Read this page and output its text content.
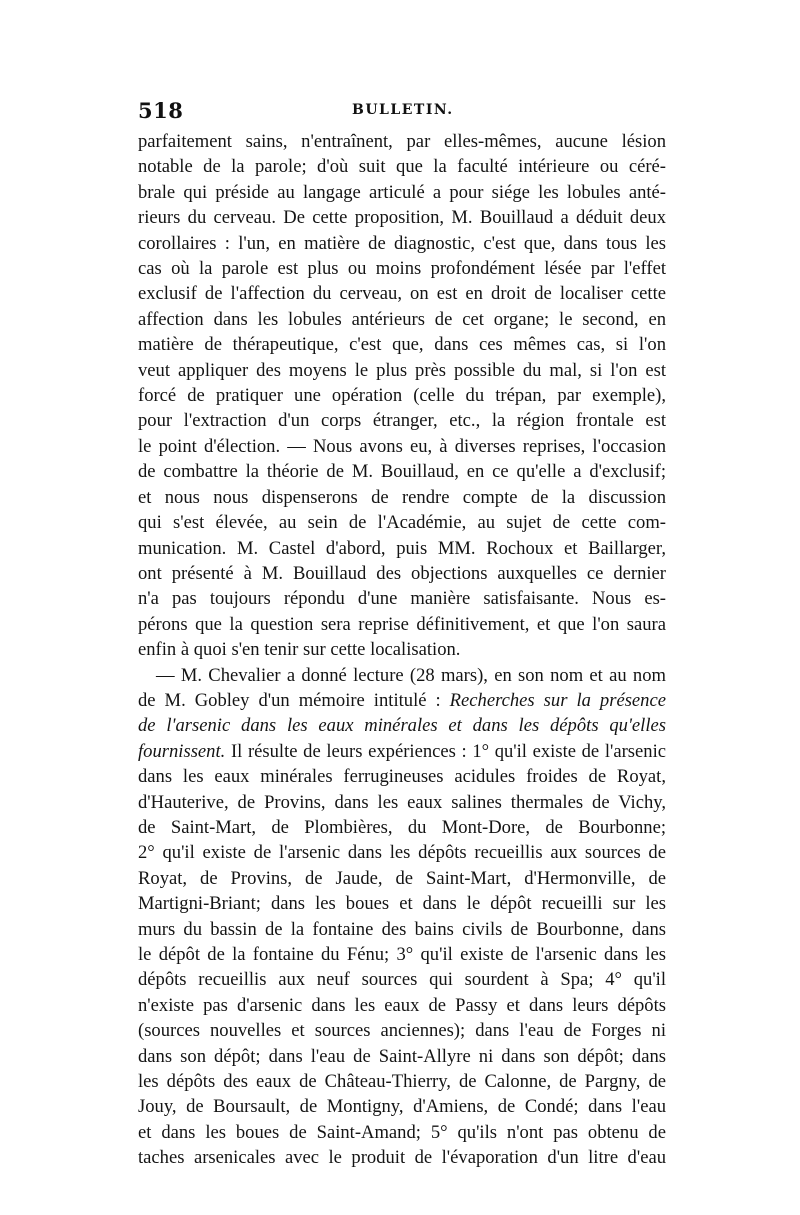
518	BULLETIN.

parfaitement sains, n'entraînent, par elles-mêmes, aucune lésion

notable de la parole; d'où suit que la faculté intérieure ou céré-

brale qui préside au langage articulé a pour siége les lobules anté-

rieurs du cerveau. De cette proposition, M. Bouillaud a déduit deux

corollaires : l'un, en matière de diagnostic, c'est que, dans tous les

cas où la parole est plus ou moins profondément lésée par l'effet

exclusif de l'affection du cerveau, on est en droit de localiser cette

affection dans les lobules antérieurs de cet organe; le second, en

matière de thérapeutique, c'est que, dans ces mêmes cas, si l'on

veut appliquer des moyens le plus près possible du mal, si l'on est

forcé de pratiquer une opération (celle du trépan, par exemple),

pour l'extraction d'un corps étranger, etc., la région frontale est

le point d'élection. — Nous avons eu, à diverses reprises, l'occasion

de combattre la théorie de M. Bouillaud, en ce qu'elle a d'exclusif;

et nous nous dispenserons de rendre compte de la discussion

qui s'est élevée, au sein de l'Académie, au sujet de cette com-

munication. M. Castel d'abord, puis MM. Rochoux et Baillarger,

ont présenté à M. Bouillaud des objections auxquelles ce dernier

n'a pas toujours répondu d'une manière satisfaisante. Nous es-

pérons que la question sera reprise définitivement, et que l'on saura

enfin à quoi s'en tenir sur cette localisation.

— M. Chevalier a donné lecture (28 mars), en son nom et au nom

de M. Gobley d'un mémoire intitulé : Recherches sur la présence

de l'arsenic dans les eaux minérales et dans les dépôts qu'elles

fournissent. Il résulte de leurs expériences : 1° qu'il existe de l'arsenic

dans les eaux minérales ferrugineuses acidules froides de Royat,

d'Hauterive, de Provins, dans les eaux salines thermales de Vichy,

de Saint-Mart, de Plombières, du Mont-Dore, de Bourbonne;

2° qu'il existe de l'arsenic dans les dépôts recueillis aux sources de

Royat, de Provins, de Jaude, de Saint-Mart, d'Hermonville, de

Martigni-Briant; dans les boues et dans le dépôt recueilli sur les

murs du bassin de la fontaine des bains civils de Bourbonne, dans

le dépôt de la fontaine du Fénu; 3° qu'il existe de l'arsenic dans les

dépôts recueillis aux neuf sources qui sourdent à Spa; 4° qu'il

n'existe pas d'arsenic dans les eaux de Passy et dans leurs dépôts

(sources nouvelles et sources anciennes); dans l'eau de Forges ni

dans son dépôt; dans l'eau de Saint-Allyre ni dans son dépôt; dans

les dépôts des eaux de Château-Thierry, de Calonne, de Pargny, de

Jouy, de Boursault, de Montigny, d'Amiens, de Condé; dans l'eau

et dans les boues de Saint-Amand; 5° qu'ils n'ont pas obtenu de

taches arsenicales avec le produit de l'évaporation d'un litre d'eau
